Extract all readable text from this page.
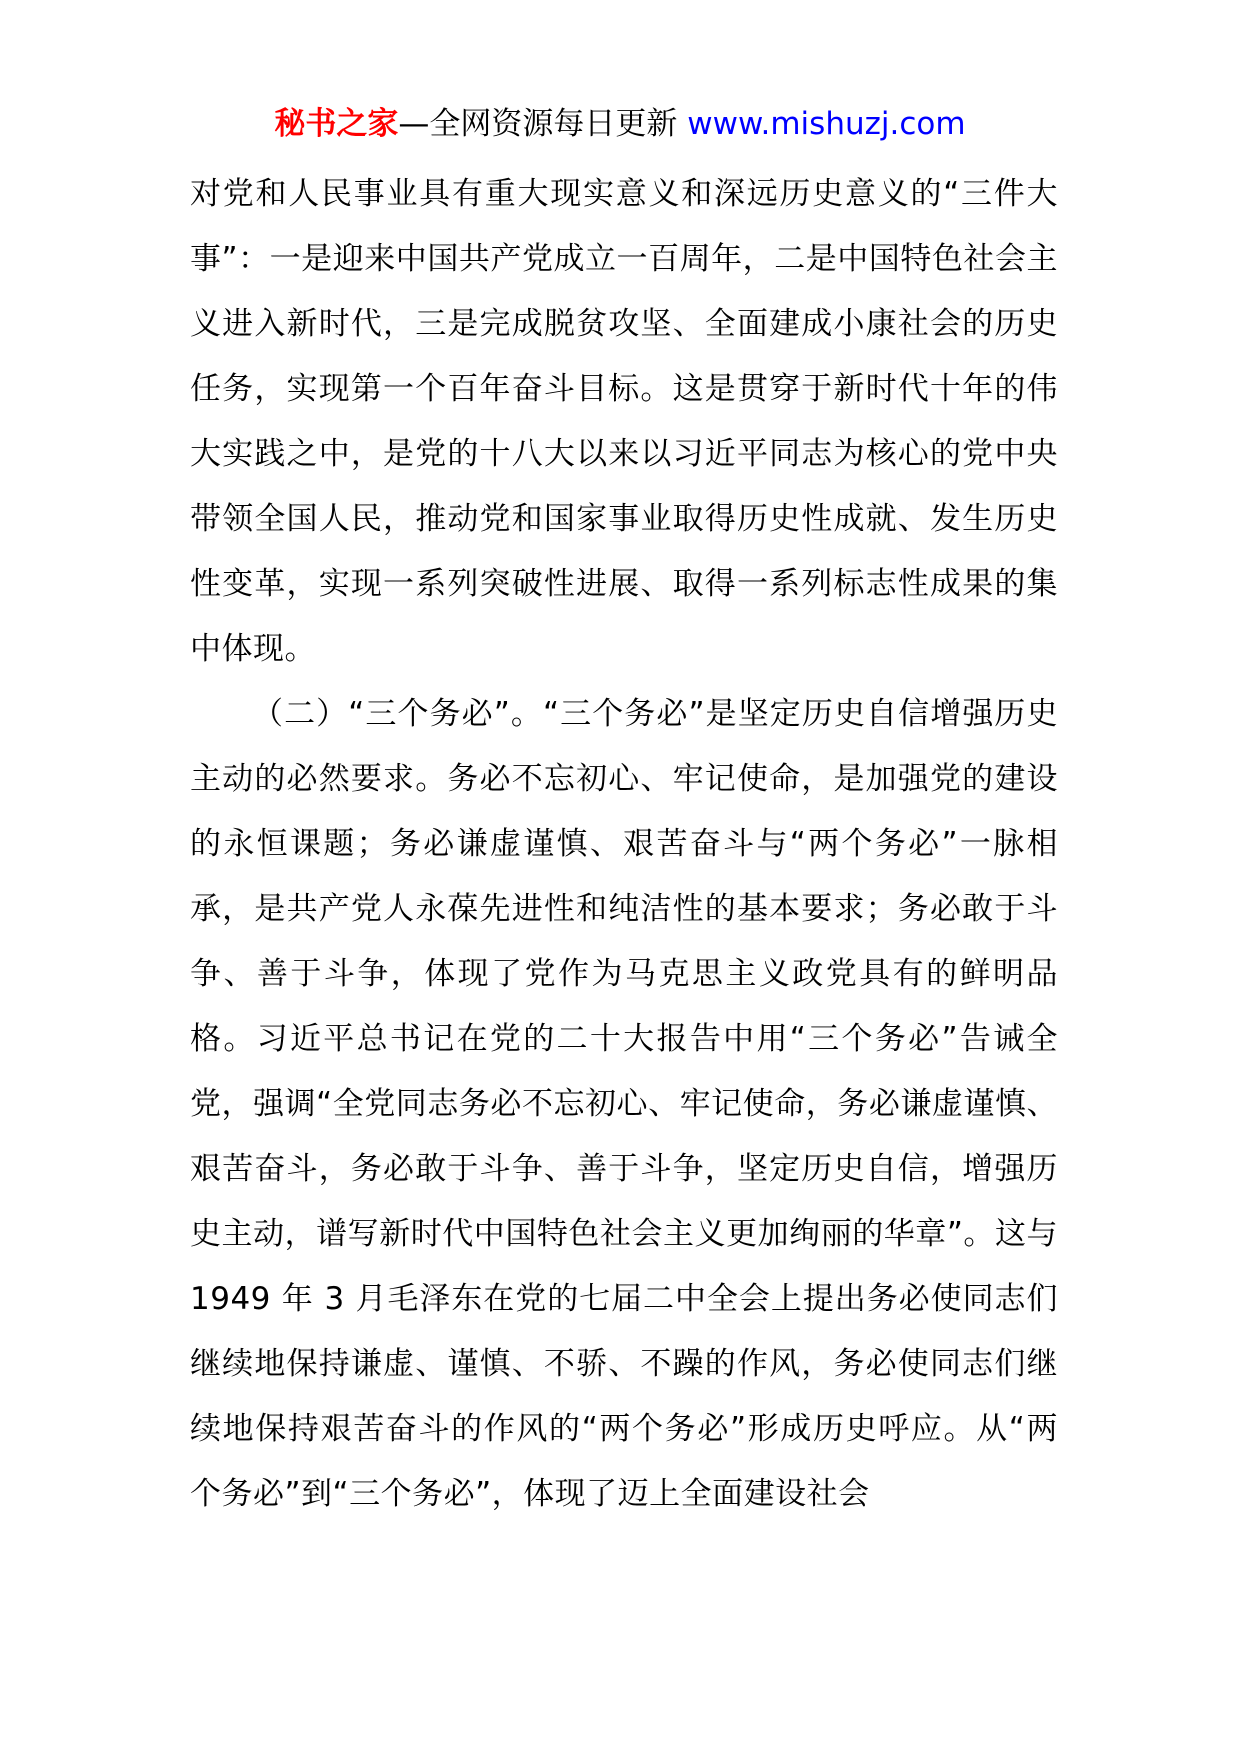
秘书之家—全网资源每日更新 www.mishuzj.com

对党和人民事业具有重大现实意义和深远历史意义的“三件大事”：一是迎来中国共产党成立一百周年，二是中国特色社会主义进入新时代，三是完成脱贫攻坚、全面建成小康社会的历史任务，实现第一个百年奋斗目标。这是贯穿于新时代十年的伟大实践之中，是党的十八大以来以习近平同志为核心的党中央带领全国人民，推动党和国家事业取得历史性成就、发生历史性变革，实现一系列突破性进展、取得一系列标志性成果的集中体现。

（二）“三个务必”。“三个务必”是坚定历史自信增强历史主动的必然要求。务必不忘初心、牢记使命，是加强党的建设的永恒课题；务必谦虚谨慎、艰苦奋斗与“两个务必”一脉相承，是共产党人永葆先进性和纯洁性的基本要求；务必敢于斗争、善于斗争，体现了党作为马克思主义政党具有的鲜明品格。习近平总书记在党的二十大报告中用“三个务必”告诫全党，强调“全党同志务必不忘初心、牢记使命，务必谦虚谨慎、艰苦奋斗，务必敢于斗争、善于斗争，坚定历史自信，增强历史主动，谱写新时代中国特色社会主义更加绚丽的华章”。这与 1949 年 3 月毛泽东在党的七届二中全会上提出务必使同志们继续地保持谦虚、谨慎、不骄、不躁的作风，务必使同志们继续地保持艰苦奋斗的作风的“两个务必”形成历史呼应。从“两个务必”到“三个务必”，体现了迈上全面建设社会
